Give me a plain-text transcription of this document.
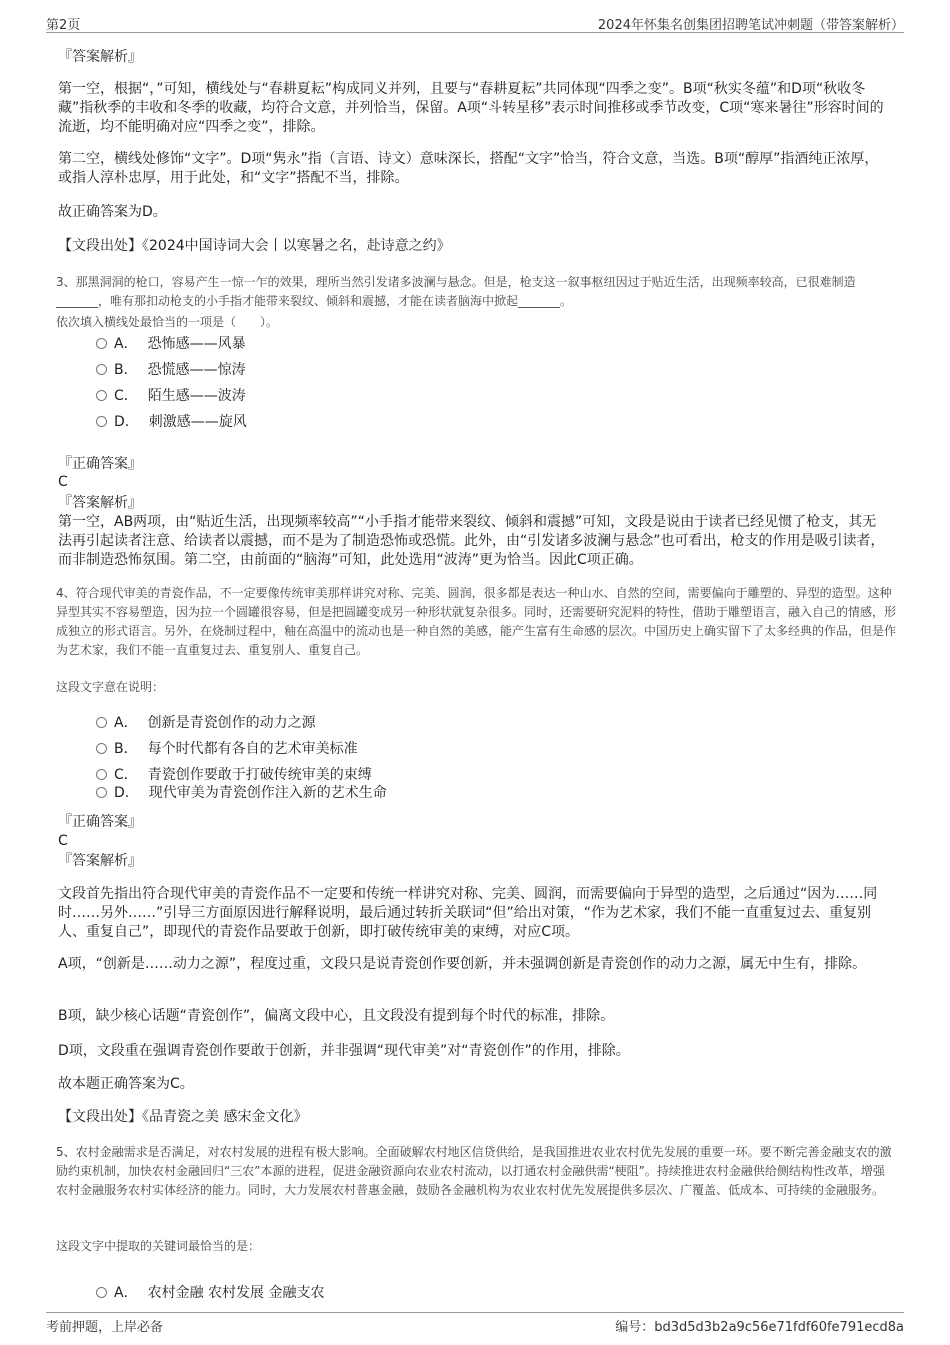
第2页	2024年怀集名创集团招聘笔试冲刺题（带答案解析）

『答案解析』

第一空，根据“，”可知，横线处与“春耕夏耘”构成同义并列，且要与“春耕夏耘”共同体现“四季之变”。B项“秋实冬蕴”和D项“秋收冬藏”指秋季的丰收和冬季的收藏，均符合文意，并列恰当，保留。A项“斗转星移”表示时间推移或季节改变，C项“寒来暑往”形容时间的流逝，均不能明确对应“四季之变”，排除。

第二空，横线处修饰“文字”。D项“隽永”指（言语、诗文）意味深长，搭配“文字”恰当，符合文意，当选。B项“醇厚”指酒纯正浓厚，或指人淳朴忠厚，用于此处，和“文字”搭配不当，排除。

故正确答案为D。

【文段出处】《2024中国诗词大会丨以寒暑之名，赴诗意之约》

3、那黑洞洞的枪口，容易产生一惊一乍的效果，理所当然引发诸多波澜与悬念。但是，枪支这一叙事枢纽因过于贴近生活，出现频率较高，已很难制造_______，唯有那扣动枪支的小手指才能带来裂纹、倾斜和震撼，才能在读者脑海中掀起_______。

依次填入横线处最恰当的一项是（　　）。

A． 恐怖感——风暴
B． 恐慌感——惊涛
C． 陌生感——波涛
D． 刺激感——旋风

『正确答案』

C

『答案解析』

第一空，AB两项，由“贴近生活，出现频率较高”“小手指才能带来裂纹、倾斜和震撼”可知，文段是说由于读者已经见惯了枪支，其无法再引起读者注意、给读者以震撼，而不是为了制造恐怖或恐慌。此外，由“引发诸多波澜与悬念”也可看出，枪支的作用是吸引读者，而非制造恐怖氛围。第二空，由前面的“脑海”可知，此处选用“波涛”更为恰当。因此C项正确。

4、符合现代审美的青瓷作品，不一定要像传统审美那样讲究对称、完美、圆润，很多都是表达一种山水、自然的空间，需要偏向于雕塑的、异型的造型。这种异型其实不容易塑造，因为拉一个圆罐很容易，但是把圆罐变成另一种形状就复杂很多。同时，还需要研究泥料的特性，借助于雕塑语言，融入自己的情感，形成独立的形式语言。另外，在烧制过程中，釉在高温中的流动也是一种自然的美感，能产生富有生命感的层次。中国历史上确实留下了太多经典的作品，但是作为艺术家，我们不能一直重复过去、重复别人、重复自己。

这段文字意在说明：

A． 创新是青瓷创作的动力之源
B． 每个时代都有各自的艺术审美标准
C． 青瓷创作要敢于打破传统审美的束缚
D． 现代审美为青瓷创作注入新的艺术生命

『正确答案』

C

『答案解析』

文段首先指出符合现代审美的青瓷作品不一定要和传统一样讲究对称、完美、圆润，而需要偏向于异型的造型，之后通过“因为……同时……另外……”引导三方面原因进行解释说明，最后通过转折关联词“但”给出对策，“作为艺术家，我们不能一直重复过去、重复别人、重复自己”，即现代的青瓷作品要敢于创新，即打破传统审美的束缚，对应C项。

A项，“创新是……动力之源”，程度过重，文段只是说青瓷创作要创新，并未强调创新是青瓷创作的动力之源，属无中生有，排除。

B项，缺少核心话题“青瓷创作”，偏离文段中心，且文段没有提到每个时代的标准，排除。

D项，文段重在强调青瓷创作要敢于创新，并非强调“现代审美”对“青瓷创作”的作用，排除。

故本题正确答案为C。

【文段出处】《品青瓷之美 感宋金文化》

5、农村金融需求是否满足，对农村发展的进程有极大影响。全面破解农村地区信贷供给，是我国推进农业农村优先发展的重要一环。要不断完善金融支农的激励约束机制，加快农村金融回归“三农”本源的进程，促进金融资源向农业农村流动，以打通农村金融供需“梗阻”。持续推进农村金融供给侧结构性改革，增强农村金融服务农村实体经济的能力。同时，大力发展农村普惠金融，鼓励各金融机构为农业农村优先发展提供多层次、广覆盖、低成本、可持续的金融服务。

这段文字中提取的关键词最恰当的是：

A． 农村金融 农村发展 金融支农
考前押题，上岸必备	编号：bd3d5d3b2a9c56e71fdf60fe791ecd8a
